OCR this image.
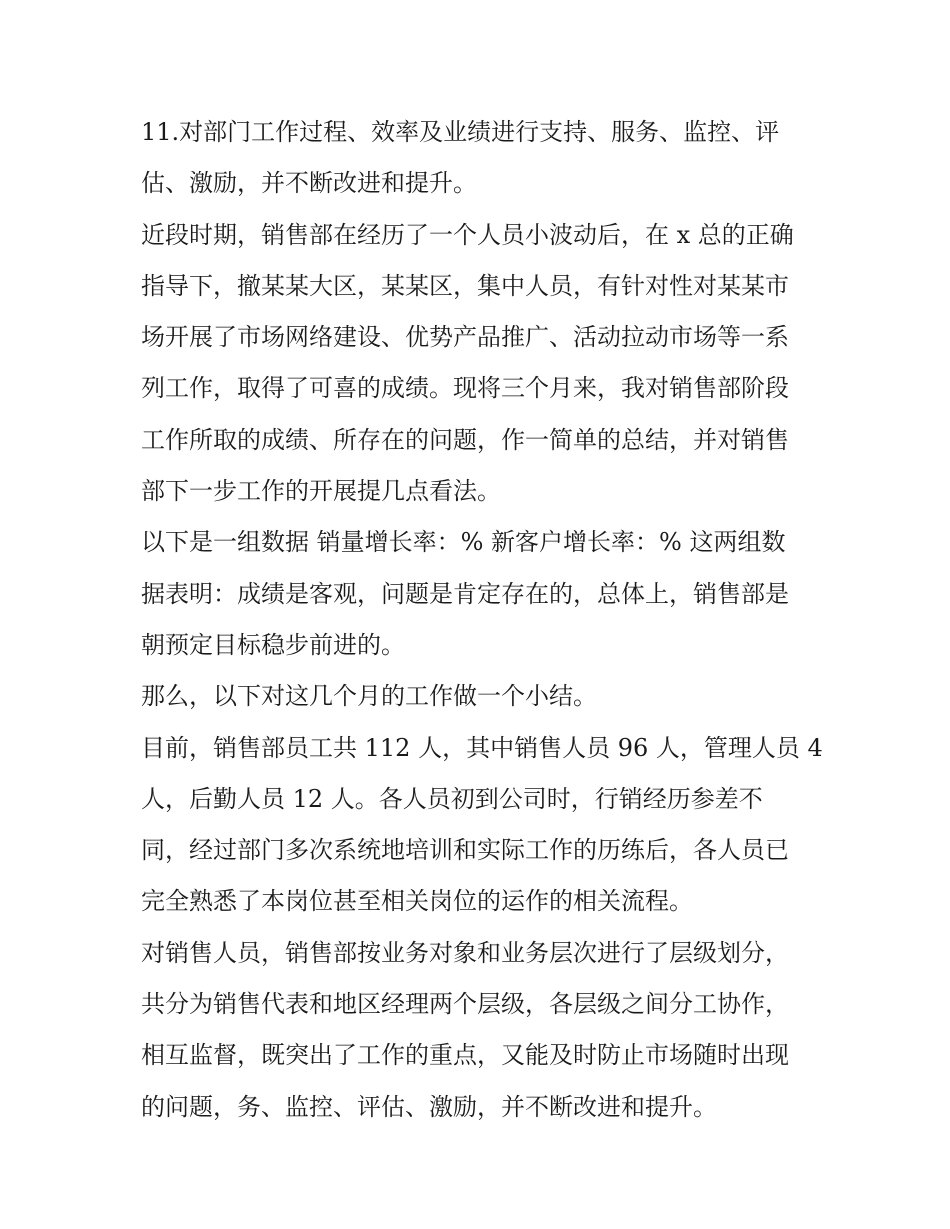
11.对部门工作过程、效率及业绩进行支持、服务、监控、评
估、激励，并不断改进和提升。
近段时期，销售部在经历了一个人员小波动后，在 x 总的正确
指导下，撤某某大区，某某区，集中人员，有针对性对某某市
场开展了市场网络建设、优势产品推广、活动拉动市场等一系
列工作，取得了可喜的成绩。现将三个月来，我对销售部阶段
工作所取的成绩、所存在的问题，作一简单的总结，并对销售
部下一步工作的开展提几点看法。
以下是一组数据 销量增长率：% 新客户增长率：% 这两组数
据表明：成绩是客观，问题是肯定存在的，总体上，销售部是
朝预定目标稳步前进的。
那么，以下对这几个月的工作做一个小结。
目前，销售部员工共 112 人，其中销售人员 96 人，管理人员 4
人，后勤人员 12 人。各人员初到公司时，行销经历参差不
同，经过部门多次系统地培训和实际工作的历练后，各人员已
完全熟悉了本岗位甚至相关岗位的运作的相关流程。
对销售人员，销售部按业务对象和业务层次进行了层级划分，
共分为销售代表和地区经理两个层级，各层级之间分工协作，
相互监督，既突出了工作的重点，又能及时防止市场随时出现
的问题，务、监控、评估、激励，并不断改进和提升。
